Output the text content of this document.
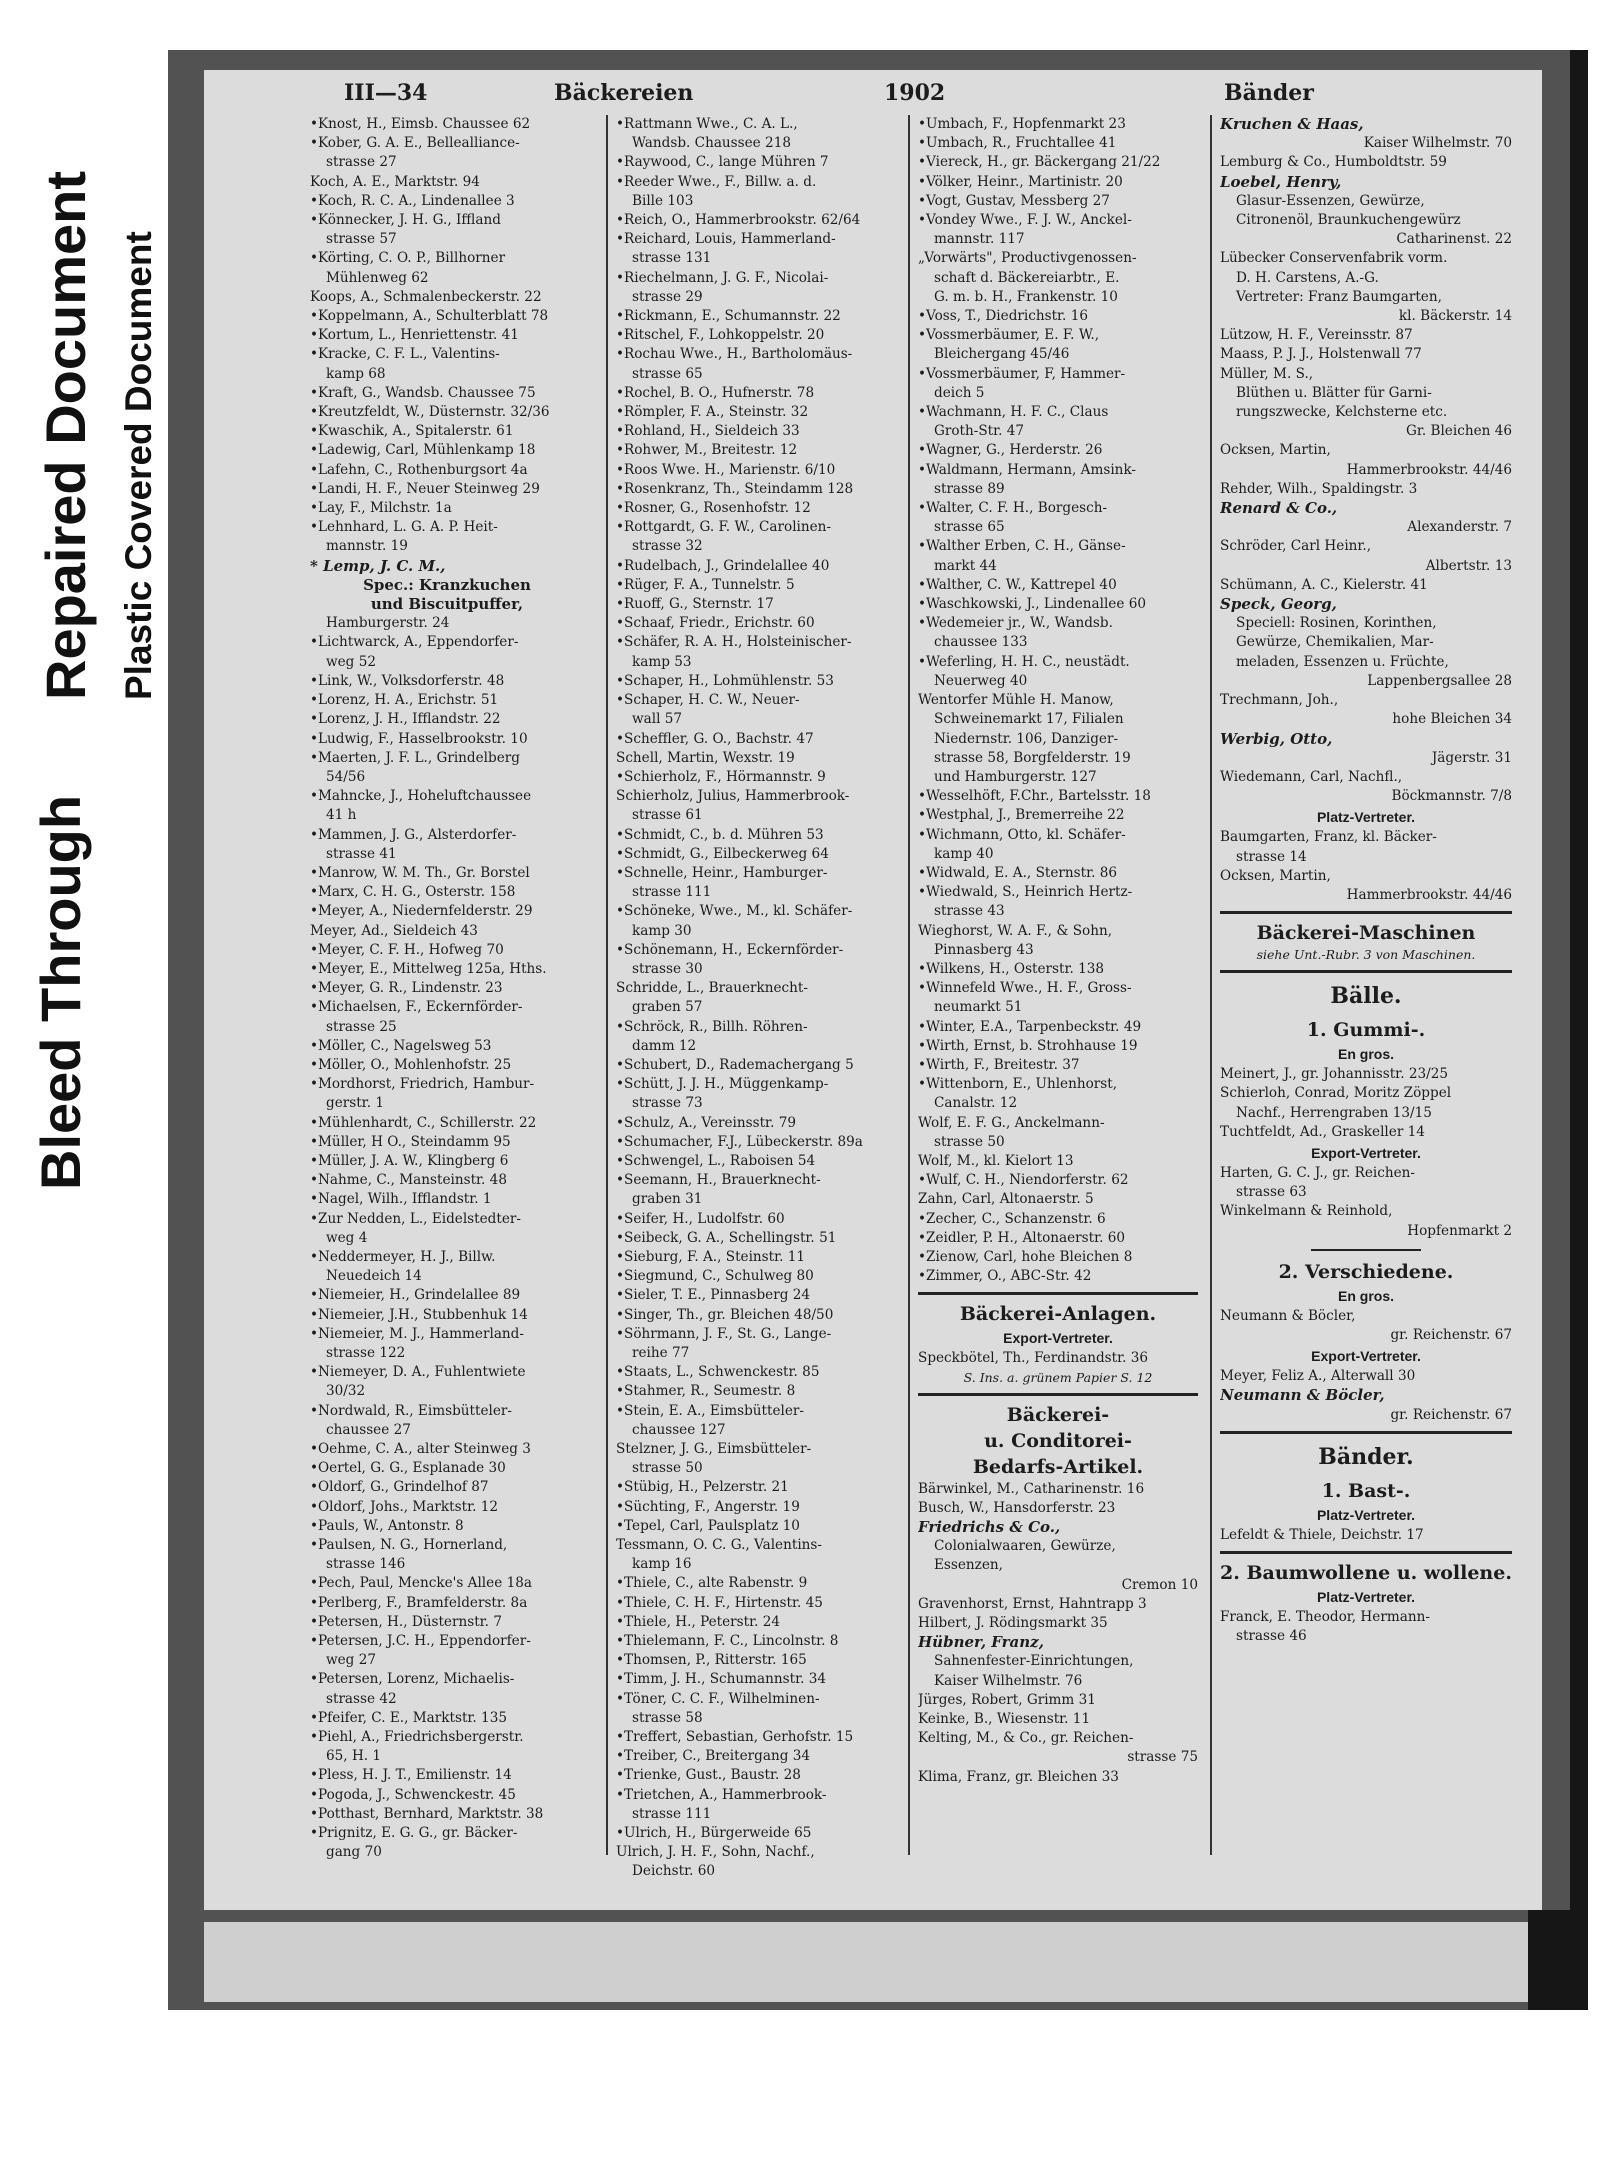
Bleed Through
Repaired Document Plastic Covered Document
III—34	Bäckereien	1902	Bänder
•Knost, H., Eimsb. Chaussee 62
•Kober, G. A. E., Bellealliance-
strasse 27
Koch, A. E., Marktstr. 94
•Koch, R. C. A., Lindenallee 3
•Könnecker, J. H. G., Iffland
strasse 57
•Körting, C. O. P., Billhorner
Mühlenweg 62
Koops, A., Schmalenbeckerstr. 22
•Koppelmann, A., Schulterblatt 78
•Kortum, L., Henriettenstr. 41
•Kracke, C. F. L., Valentins-
kamp 68
•Kraft, G., Wandsb. Chaussee 75
•Kreutzfeldt, W., Düsternstr. 32/36
•Kwaschik, A., Spitalerstr. 61
•Ladewig, Carl, Mühlenkamp 18
•Lafehn, C., Rothenburgsort 4a
•Landi, H. F., Neuer Steinweg 29
•Lay, F., Milchstr. 1a
•Lehnhard, L. G. A. P. Heit-
mannstr. 19
* Lemp, J. C. M.,
Spec.: Kranzkuchen
und Biscuitpuffer,
Hamburgerstr. 24
•Lichtwarck, A., Eppendorfer-
weg 52
•Link, W., Volksdorferstr. 48
•Lorenz, H. A., Erichstr. 51
•Lorenz, J. H., Ifflandstr. 22
•Ludwig, F., Hasselbrookstr. 10
•Maerten, J. F. L., Grindelberg
54/56
•Mahncke, J., Hoheluftchaussee
41 h
•Mammen, J. G., Alsterdorfer-
strasse 41
•Manrow, W. M. Th., Gr. Borstel
•Marx, C. H. G., Osterstr. 158
•Meyer, A., Niedernfelderstr. 29
Meyer, Ad., Sieldeich 43
•Meyer, C. F. H., Hofweg 70
•Meyer, E., Mittelweg 125a, Hths.
•Meyer, G. R., Lindenstr. 23
•Michaelsen, F., Eckernförder-
strasse 25
•Möller, C., Nagelsweg 53
•Möller, O., Mohlenhofstr. 25
•Mordhorst, Friedrich, Hambur-
gerstr. 1
•Mühlenhardt, C., Schillerstr. 22
•Müller, H O., Steindamm 95
•Müller, J. A. W., Klingberg 6
•Nahme, C., Mansteinstr. 48
•Nagel, Wilh., Ifflandstr. 1
•Zur Nedden, L., Eidelstedter-
weg 4
•Neddermeyer, H. J., Billw.
Neuedeich 14
•Niemeier, H., Grindelallee 89
•Niemeier, J.H., Stubbenhuk 14
•Niemeier, M. J., Hammerland-
strasse 122
•Niemeyer, D. A., Fuhlentwiete
30/32
•Nordwald, R., Eimsbütteler-
chaussee 27
•Oehme, C. A., alter Steinweg 3
•Oertel, G. G., Esplanade 30
•Oldorf, G., Grindelhof 87
•Oldorf, Johs., Marktstr. 12
•Pauls, W., Antonstr. 8
•Paulsen, N. G., Hornerland,
strasse 146
•Pech, Paul, Mencke's Allee 18a
•Perlberg, F., Bramfelderstr. 8a
•Petersen, H., Düsternstr. 7
•Petersen, J.C. H., Eppendorfer-
weg 27
•Petersen, Lorenz, Michaelis-
strasse 42
•Pfeifer, C. E., Marktstr. 135
•Piehl, A., Friedrichsbergerstr.
65, H. 1
•Pless, H. J. T., Emilienstr. 14
•Pogoda, J., Schwenckestr. 45
•Potthast, Bernhard, Marktstr. 38
•Prignitz, E. G. G., gr. Bäcker-
gang 70
•Rattmann Wwe., C. A. L.,
Wandsb. Chaussee 218
•Raywood, C., lange Mühren 7
•Reeder Wwe., F., Billw. a. d.
Bille 103
•Reich, O., Hammerbrookstr. 62/64
•Reichard, Louis, Hammerland-
strasse 131
•Riechelmann, J. G. F., Nicolai-
strasse 29
•Rickmann, E., Schumannstr. 22
•Ritschel, F., Lohkoppelstr. 20
•Rochau Wwe., H., Bartholomäus-
strasse 65
•Rochel, B. O., Hufnerstr. 78
•Römpler, F. A., Steinstr. 32
•Rohland, H., Sieldeich 33
•Rohwer, M., Breitestr. 12
•Roos Wwe. H., Marienstr. 6/10
•Rosenkranz, Th., Steindamm 128
•Rosner, G., Rosenhofstr. 12
•Rottgardt, G. F. W., Carolinen-
strasse 32
•Rudelbach, J., Grindelallee 40
•Rüger, F. A., Tunnelstr. 5
•Ruoff, G., Sternstr. 17
•Schaaf, Friedr., Erichstr. 60
•Schäfer, R. A. H., Holsteinischer-
kamp 53
•Schaper, H., Lohmühlenstr. 53
•Schaper, H. C. W., Neuer-
wall 57
•Scheffler, G. O., Bachstr. 47
Schell, Martin, Wexstr. 19
•Schierholz, F., Hörmannstr. 9
Schierholz, Julius, Hammerbrook-
strasse 61
•Schmidt, C., b. d. Mühren 53
•Schmidt, G., Eilbeckerweg 64
•Schnelle, Heinr., Hamburger-
strasse 111
•Schöneke, Wwe., M., kl. Schäfer-
kamp 30
•Schönemann, H., Eckernförder-
strasse 30
Schridde, L., Brauerknecht-
graben 57
•Schröck, R., Billh. Röhren-
damm 12
•Schubert, D., Rademachergang 5
•Schütt, J. J. H., Müggenkamp-
strasse 73
•Schulz, A., Vereinsstr. 79
•Schumacher, F.J., Lübeckerstr. 89a
•Schwengel, L., Raboisen 54
•Seemann, H., Brauerknecht-
graben 31
•Seifer, H., Ludolfstr. 60
•Seibeck, G. A., Schellingstr. 51
•Sieburg, F. A., Steinstr. 11
•Siegmund, C., Schulweg 80
•Sieler, T. E., Pinnasberg 24
•Singer, Th., gr. Bleichen 48/50
•Söhrmann, J. F., St. G., Lange-
reihe 77
•Staats, L., Schwenckestr. 85
•Stahmer, R., Seumestr. 8
•Stein, E. A., Eimsbütteler-
chaussee 127
Stelzner, J. G., Eimsbütteler-
strasse 50
•Stübig, H., Pelzerstr. 21
•Süchting, F., Angerstr. 19
•Tepel, Carl, Paulsplatz 10
Tessmann, O. C. G., Valentins-
kamp 16
•Thiele, C., alte Rabenstr. 9
•Thiele, C. H. F., Hirtenstr. 45
•Thiele, H., Peterstr. 24
•Thielemann, F. C., Lincolnstr. 8
•Thomsen, P., Ritterstr. 165
•Timm, J. H., Schumannstr. 34
•Töner, C. C. F., Wilhelminen-
strasse 58
•Treffert, Sebastian, Gerhofstr. 15
•Treiber, C., Breitergang 34
•Trienke, Gust., Baustr. 28
•Trietchen, A., Hammerbrook-
strasse 111
•Ulrich, H., Bürgerweide 65
Ulrich, J. H. F., Sohn, Nachf.,
Deichstr. 60
•Umbach, F., Hopfenmarkt 23
•Umbach, R., Fruchtallee 41
•Viereck, H., gr. Bäckergang 21/22
•Völker, Heinr., Martinistr. 20
•Vogt, Gustav, Messberg 27
•Vondey Wwe., F. J. W., Anckel-
mannstr. 117
„Vorwärts", Productivgenossen-
schaft d. Bäckereiarbtr., E.
G. m. b. H., Frankenstr. 10
•Voss, T., Diedrichstr. 16
•Vossmerbäumer, E. F. W.,
Bleichergang 45/46
•Vossmerbäumer, F, Hammer-
deich 5
•Wachmann, H. F. C., Claus
Groth-Str. 47
•Wagner, G., Herderstr. 26
•Waldmann, Hermann, Amsink-
strasse 89
•Walter, C. F. H., Borgesch-
strasse 65
•Walther Erben, C. H., Gänse-
markt 44
•Walther, C. W., Kattrepel 40
•Waschkowski, J., Lindenallee 60
•Wedemeier jr., W., Wandsb.
chaussee 133
•Weferling, H. H. C., neustädt.
Neuerweg 40
Wentorfer Mühle H. Manow,
Schweinemarkt 17, Filialen
Niedernstr. 106, Danziger-
strasse 58, Borgfelderstr. 19
und Hamburgerstr. 127
•Wesselhöft, F.Chr., Bartelsstr. 18
•Westphal, J., Bremerreihe 22
•Wichmann, Otto, kl. Schäfer-
kamp 40
•Widwald, E. A., Sternstr. 86
•Wiedwald, S., Heinrich Hertz-
strasse 43
Wieghorst, W. A. F., & Sohn,
Pinnasberg 43
•Wilkens, H., Osterstr. 138
•Winnefeld Wwe., H. F., Gross-
neumarkt 51
•Winter, E.A., Tarpenbeckstr. 49
•Wirth, Ernst, b. Strohhause 19
•Wirth, F., Breitestr. 37
•Wittenborn, E., Uhlenhorst,
Canalstr. 12
Wolf, E. F. G., Anckelmann-
strasse 50
Wolf, M., kl. Kielort 13
•Wulf, C. H., Niendorferstr. 62
Zahn, Carl, Altonaerstr. 5
•Zecher, C., Schanzenstr. 6
•Zeidler, P. H., Altonaerstr. 60
•Zienow, Carl, hohe Bleichen 8
•Zimmer, O., ABC-Str. 42
Bäckerei-Anlagen.
Export-Vertreter.
Speckbötel, Th., Ferdinandstr. 36
S. Ins. a. grünem Papier S. 12
Bäckerei-
u. Conditorei-
Bedarfs-Artikel.
Bärwinkel, M., Catharinenstr. 16
Busch, W., Hansdorferstr. 23
Friedrichs & Co.,
Colonialwaaren, Gewürze,
Essenzen,
Cremon 10
Gravenhorst, Ernst, Hahntrapp 3
Hilbert, J. Rödingsmarkt 35
Hübner, Franz,
Sahnenfester-Einrichtungen,
Kaiser Wilhelmstr. 76
Jürges, Robert, Grimm 31
Keinke, B., Wiesenstr. 11
Kelting, M., & Co., gr. Reichen-
strasse 75
Klima, Franz, gr. Bleichen 33
Kruchen & Haas,
Kaiser Wilhelmstr. 70
Lemburg & Co., Humboldtstr. 59
Loebel, Henry,
Glasur-Essenzen, Gewürze,
Citronenöl, Braunkuchengewürz
Catharinenst. 22
Lübecker Conservenfabrik vorm.
D. H. Carstens, A.-G.
Vertreter: Franz Baumgarten,
kl. Bäckerstr. 14
Lützow, H. F., Vereinsstr. 87
Maass, P. J. J., Holstenwall 77
Müller, M. S.,
Blüthen u. Blätter für Garni-
rungszwecke, Kelchsterne etc.
Gr. Bleichen 46
Ocksen, Martin,
Hammerbrookstr. 44/46
Rehder, Wilh., Spaldingstr. 3
Renard & Co.,
Alexanderstr. 7
Schröder, Carl Heinr.,
Albertstr. 13
Schümann, A. C., Kielerstr. 41
Speck, Georg,
Speciell: Rosinen, Korinthen,
Gewürze, Chemikalien, Mar-
meladen, Essenzen u. Früchte,
Lappenbergsallee 28
Trechmann, Joh.,
hohe Bleichen 34
Werbig, Otto,
Jägerstr. 31
Wiedemann, Carl, Nachfl.,
Böckmannstr. 7/8
Platz-Vertreter.
Baumgarten, Franz, kl. Bäcker-
strasse 14
Ocksen, Martin,
Hammerbrookstr. 44/46
Bäckerei-Maschinen
siehe Unt.-Rubr. 3 von Maschinen.
Bälle.
1. Gummi-.
En gros.
Meinert, J., gr. Johannisstr. 23/25
Schierloh, Conrad, Moritz Zöppel
Nachf., Herrengraben 13/15
Tuchtfeldt, Ad., Graskeller 14
Export-Vertreter.
Harten, G. C. J., gr. Reichen-
strasse 63
Winkelmann & Reinhold,
Hopfenmarkt 2
2. Verschiedene.
En gros.
Neumann & Böcler,
gr. Reichenstr. 67
Export-Vertreter.
Meyer, Feliz A., Alterwall 30
Neumann & Böcler,
gr. Reichenstr. 67
Bänder.
1. Bast-.
Platz-Vertreter.
Lefeldt & Thiele, Deichstr. 17
2. Baumwollene u. wollene.
Platz-Vertreter.
Franck, E. Theodor, Hermann-
strasse 46
